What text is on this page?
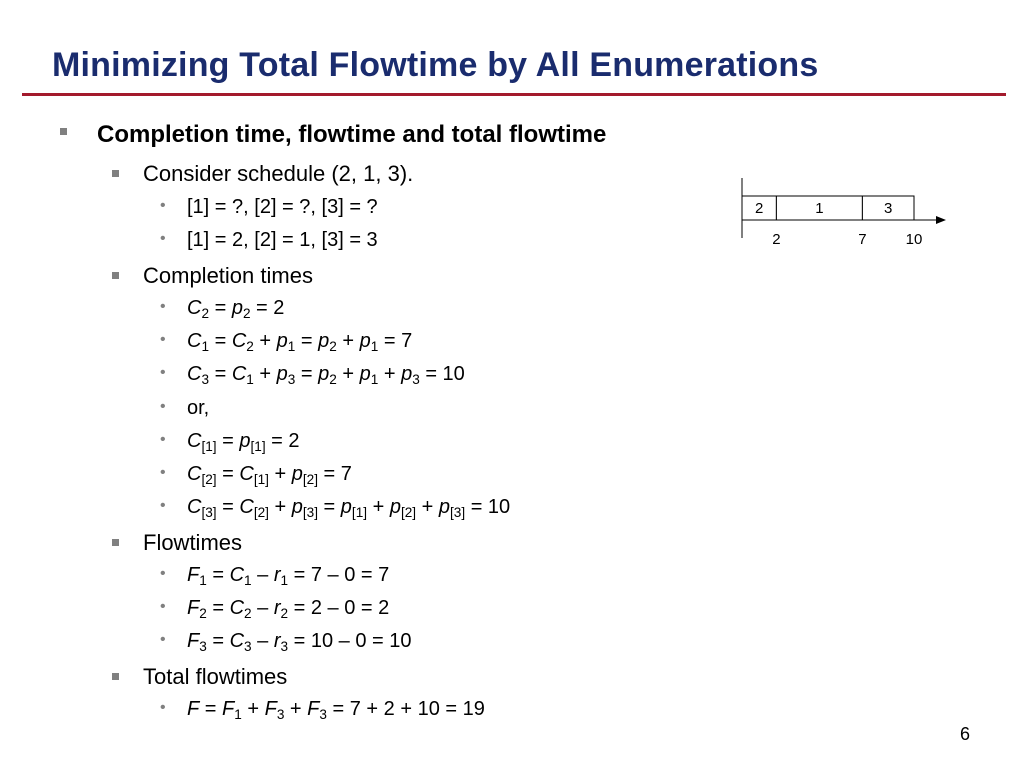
Minimizing Total Flowtime by All Enumerations
Completion time, flowtime and total flowtime
Consider schedule (2, 1, 3).
• [1] = ?, [2] = ?, [3] = ?
• [1] = 2, [2] = 1, [3] = 3
Completion times
• $C_2 = p_2 = 2$
• $C_1 = C_2 + p_1 = p_2 + p_1 = 7$
• $C_3 = C_1 + p_3 = p_2 + p_1 + p_3 = 10$
• or,
• $C_{[1]} = p_{[1]} = 2$
• $C_{[2]} = C_{[1]} + p_{[2]} = 7$
• $C_{[3]} = C_{[2]} + p_{[3]} = p_{[1]} + p_{[2]} + p_{[3]} = 10$
Flowtimes
• $F_1 = C_1 - r_1 = 7 - 0 = 7$
• $F_2 = C_2 - r_2 = 2 - 0 = 2$
• $F_3 = C_3 - r_3 = 10 - 0 = 10$
Total flowtimes
• $F = F_1 + F_3 + F_3 = 7 + 2 + 10 = 19$
2	1	3
2	7	10
6
